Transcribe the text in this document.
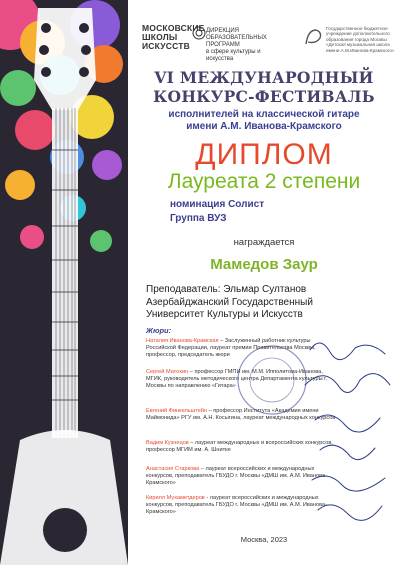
МОСКОВСКИЕ
ШКОЛЫ
ИСКУССТВ
ДИРЕКЦИЯ
ОБРАЗОВАТЕЛЬНЫХ
ПРОГРАММ
в сфере культуры и искусства
Государственное бюджетное учреждение дополнительного образования города Москвы «Детская музыкальная школа имени А.М.Иванова-Крамского»
VI МЕЖДУНАРОДНЫЙ
КОНКУРС-ФЕСТИВАЛЬ
исполнителей на классической гитаре
имени А.М. Иванова-Крамского
ДИПЛОМ
Лауреата 2 степени
номинация Солист
Группа ВУЗ
награждается
Мамедов Заур
Преподаватель: Эльмар Султанов
Азербайджанский Государственный
Университет Культуры и Искусств
Жюри:
Наталия Иванова-Крамская – Заслуженный работник культуры Российской Федерации, лауреат премии Правительства Москвы, профессор, председатель жюри
Сергей Матохин – профессор ГМПИ им. М.М. Ипполитова-Иванова, МГИК, руководитель методического центра Департамента культуры г. Москвы по направлению «Гитара»
Евгений Финкельштейн – профессор Института «Академия имени Маймонида» РГУ им. А.Н. Косыгина, лауреат международных конкурсов
Вадим Кузнецов – лауреат международных и всероссийских конкурсов, профессор МГИМ им. А. Шнитке
Анастасия Старкова – лауреат всероссийских и международных конкурсов, преподаватель ГБУДО г. Москвы «ДМШ им. А.М. Иванова-Крамского»
Кирилл Мухаметдеров - лауреат всероссийских и международных конкурсов, преподаватель ГБУДО г. Москвы «ДМШ им. А.М. Иванова-Крамского»
Москва, 2023
